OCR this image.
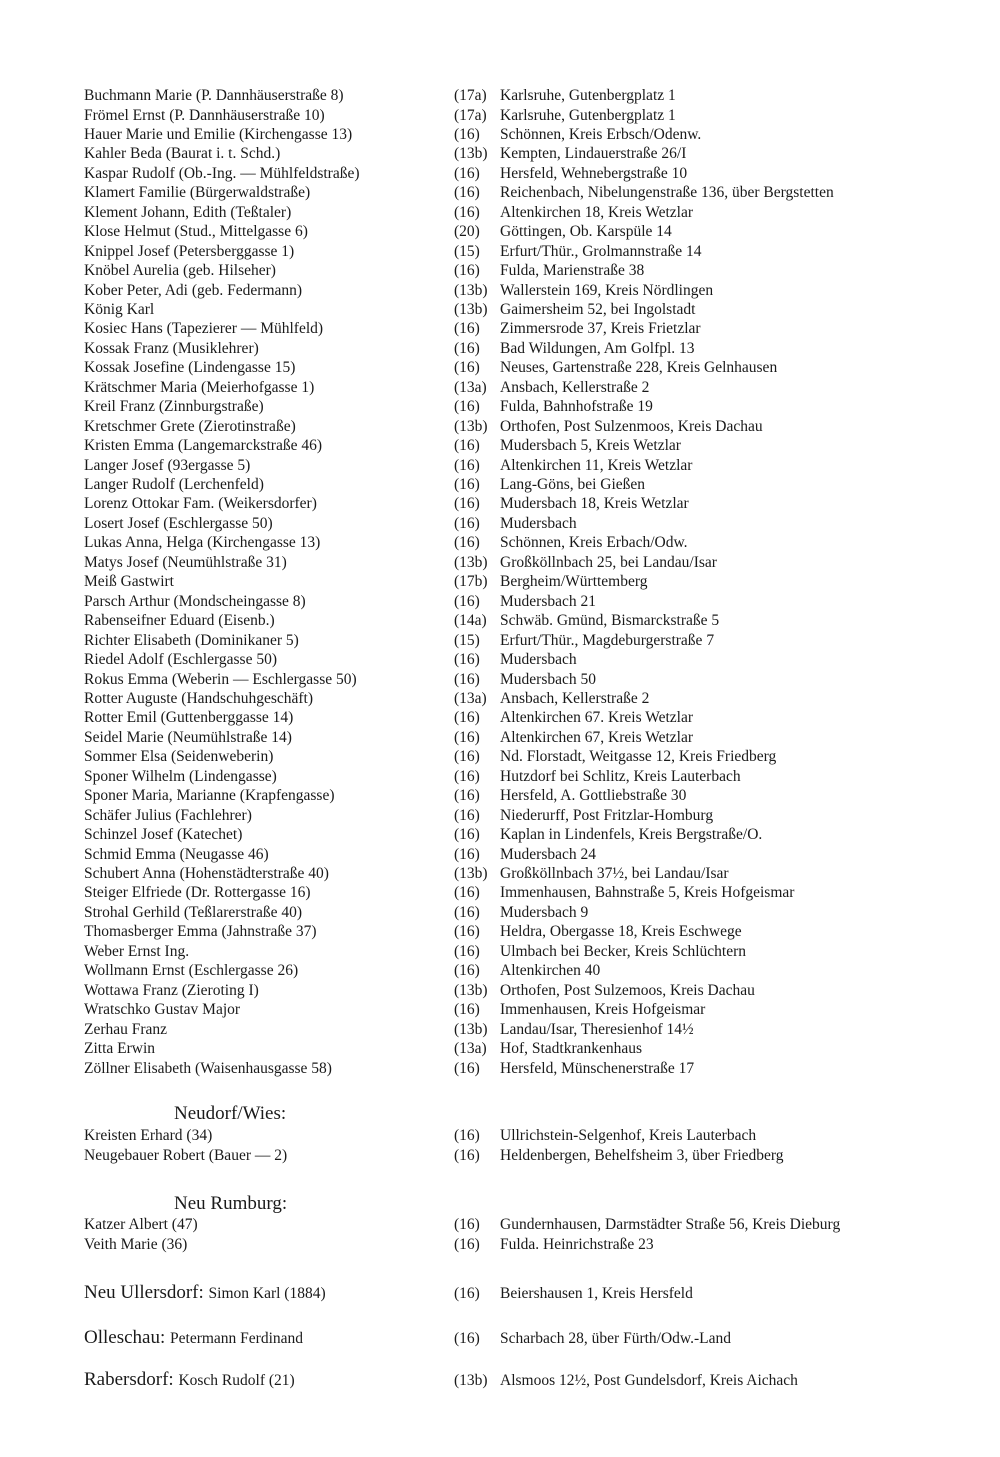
Buchmann Marie (P. Dannhäuserstraße 8)	(17a) Karlsruhe, Gutenbergplatz 1
Frömel Ernst (P. Dannhäuserstraße 10)	(17a) Karlsruhe, Gutenbergplatz 1
Hauer Marie und Emilie (Kirchengasse 13)	(16) Schönnen, Kreis Erbsch/Odenw.
Kahler Beda (Baurat i. t. Schd.)	(13b) Kempten, Lindauerstraße 26/I
Kaspar Rudolf (Ob.-Ing. — Mühlfeldstraße)	(16) Hersfeld, Wehnebergstraße 10
Klamert Familie (Bürgerwaldstraße)	(16) Reichenbach, Nibelungenstraße 136, über Bergstetten
Klement Johann, Edith (Teßtaler)	(16) Altenkirchen 18, Kreis Wetzlar
Klose Helmut (Stud., Mittelgasse 6)	(20) Göttingen, Ob. Karspüle 14
Knippel Josef (Petersberggasse 1)	(15) Erfurt/Thür., Grolmannstraße 14
Knöbel Aurelia (geb. Hilseher)	(16) Fulda, Marienstraße 38
Kober Peter, Adi (geb. Federmann)	(13b) Wallerstein 169, Kreis Nördlingen
König Karl	(13b) Gaimersheim 52, bei Ingolstadt
Kosiec Hans (Tapezierer — Mühlfeld)	(16) Zimmersrode 37, Kreis Frietzlar
Kossak Franz (Musiklehrer)	(16) Bad Wildungen, Am Golfpl. 13
Kossak Josefine (Lindengasse 15)	(16) Neuses, Gartenstraße 228, Kreis Gelnhausen
Krätschmer Maria (Meierhofgasse 1)	(13a) Ansbach, Kellerstraße 2
Kreil Franz (Zinnburgstraße)	(16) Fulda, Bahnhofstraße 19
Kretschmer Grete (Zierotinstraße)	(13b) Orthofen, Post Sulzenmoos, Kreis Dachau
Kristen Emma (Langemarckstraße 46)	(16) Mudersbach 5, Kreis Wetzlar
Langer Josef (93ergasse 5)	(16) Altenkirchen 11, Kreis Wetzlar
Langer Rudolf (Lerchenfeld)	(16) Lang-Göns, bei Gießen
Lorenz Ottokar Fam. (Weikersdorfer)	(16) Mudersbach 18, Kreis Wetzlar
Losert Josef (Eschlergasse 50)	(16) Mudersbach
Lukas Anna, Helga (Kirchengasse 13)	(16) Schönnen, Kreis Erbach/Odw.
Matys Josef (Neumühlstraße 31)	(13b) Großköllnbach 25, bei Landau/Isar
Meiß Gastwirt	(17b) Bergheim/Württemberg
Parsch Arthur (Mondscheingasse 8)	(16) Mudersbach 21
Rabenseifner Eduard (Eisenb.)	(14a) Schwäb. Gmünd, Bismarckstraße 5
Richter Elisabeth (Dominikaner 5)	(15) Erfurt/Thür., Magdeburgerstraße 7
Riedel Adolf (Eschlergasse 50)	(16) Mudersbach
Rokus Emma (Weberin — Eschlergasse 50)	(16) Mudersbach 50
Rotter Auguste (Handschuhgeschäft)	(13a) Ansbach, Kellerstraße 2
Rotter Emil (Guttenberggasse 14)	(16) Altenkirchen 67. Kreis Wetzlar
Seidel Marie (Neumühlstraße 14)	(16) Altenkirchen 67, Kreis Wetzlar
Sommer Elsa (Seidenweberin)	(16) Nd. Florstadt, Weitgasse 12, Kreis Friedberg
Sponer Wilhelm (Lindengasse)	(16) Hutzdorf bei Schlitz, Kreis Lauterbach
Sponer Maria, Marianne (Krapfengasse)	(16) Hersfeld, A. Gottliebstraße 30
Schäfer Julius (Fachlehrer)	(16) Niederurff, Post Fritzlar-Homburg
Schinzel Josef (Katechet)	(16) Kaplan in Lindenfels, Kreis Bergstraße/O.
Schmid Emma (Neugasse 46)	(16) Mudersbach 24
Schubert Anna (Hohenstädterstraße 40)	(13b) Großköllnbach 37½, bei Landau/Isar
Steiger Elfriede (Dr. Rottergasse 16)	(16) Immenhausen, Bahnstraße 5, Kreis Hofgeismar
Strohal Gerhild (Teßlarerstraße 40)	(16) Mudersbach 9
Thomasberger Emma (Jahnstraße 37)	(16) Heldra, Obergasse 18, Kreis Eschwege
Weber Ernst Ing.	(16) Ulmbach bei Becker, Kreis Schlüchtern
Wollmann Ernst (Eschlergasse 26)	(16) Altenkirchen 40
Wottawa Franz (Zieroting I)	(13b) Orthofen, Post Sulzemoos, Kreis Dachau
Wratschko Gustav Major	(16) Immenhausen, Kreis Hofgeismar
Zerhau Franz	(13b) Landau/Isar, Theresienhof 14½
Zitta Erwin	(13a) Hof, Stadtkrankenhaus
Zöllner Elisabeth (Waisenhausgasse 58)	(16) Hersfeld, Münschenerstraße 17
Neudorf/Wies:
Kreisten Erhard (34)	(16) Ullrichstein-Selgenhof, Kreis Lauterbach
Neugebauer Robert (Bauer — 2)	(16) Heldenbergen, Behelfsheim 3, über Friedberg
Neu Rumburg:
Katzer Albert (47)	(16) Gundernhausen, Darmstädter Straße 56, Kreis Dieburg
Veith Marie (36)	(16) Fulda. Heinrichstraße 23
Neu Ullersdorf: Simon Karl (1884)	(16) Beiershausen 1, Kreis Hersfeld
Olleschau: Petermann Ferdinand	(16) Scharbach 28, über Fürth/Odw.-Land
Rabersdorf: Kosch Rudolf (21)	(13b) Alsmoos 12½, Post Gundelsdorf, Kreis Aichach
